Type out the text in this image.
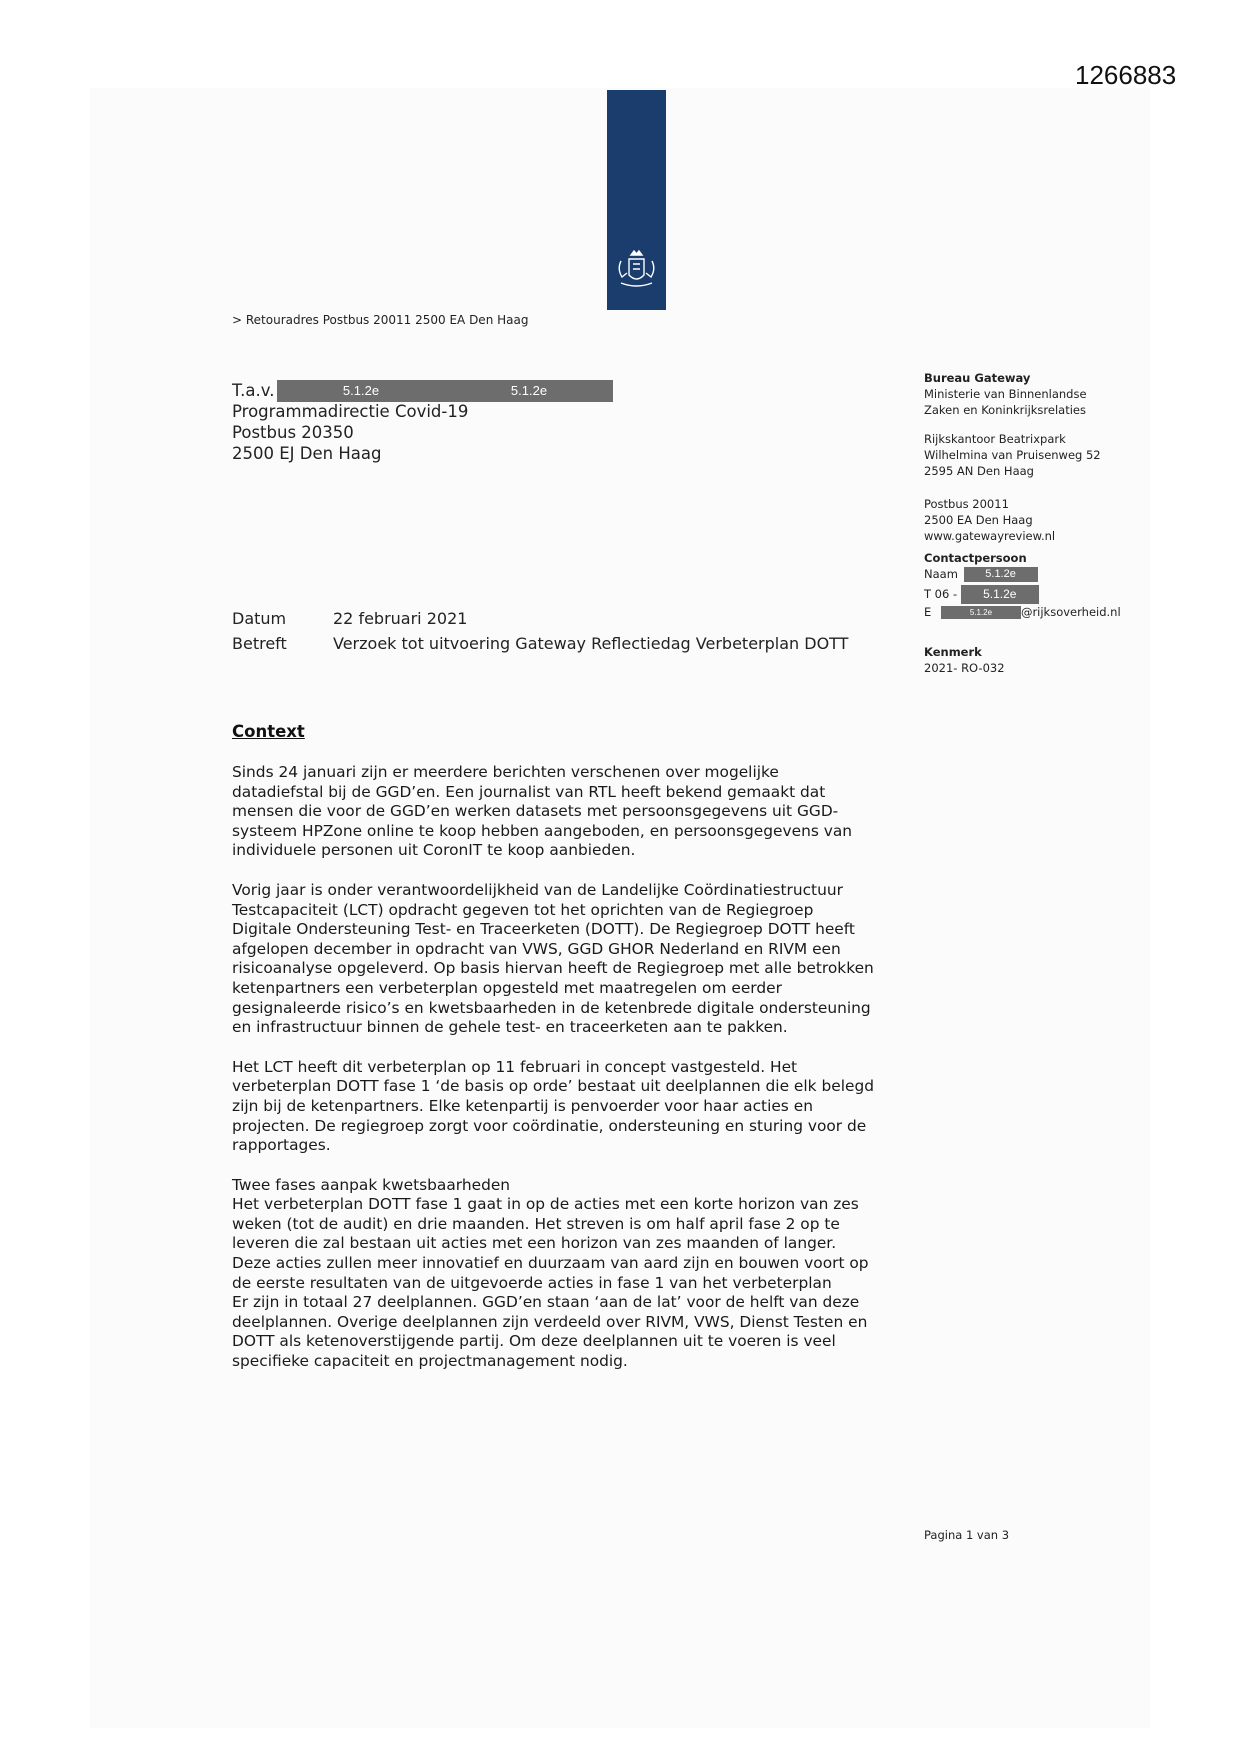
1266883
> Retouradres Postbus 20011 2500 EA Den Haag
T.a.v.
Programmadirectie Covid-19
Postbus 20350
2500 EJ Den Haag
5.1.2e	5.1.2e
Bureau Gateway
Ministerie van Binnenlandse
Zaken en Koninkrijksrelaties
Rijkskantoor Beatrixpark
Wilhelmina van Pruisenweg 52
2595 AN Den Haag
Postbus 20011
2500 EA Den Haag
www.gatewayreview.nl
Contactpersoon
Naam 5.1.2e
T 06 - 5.1.2e
E	5.1.2e	@rijksoverheid.nl
Kenmerk
2021- RO-032
Datum	22 februari 2021
Betreft	Verzoek tot uitvoering Gateway Reflectiedag Verbeterplan DOTT
Context

Sinds 24 januari zijn er meerdere berichten verschenen over mogelijke
datadiefstal bij de GGD’en. Een journalist van RTL heeft bekend gemaakt dat
mensen die voor de GGD’en werken datasets met persoonsgegevens uit GGD-
systeem HPZone online te koop hebben aangeboden, en persoonsgegevens van
individuele personen uit CoronIT te koop aanbieden.

Vorig jaar is onder verantwoordelijkheid van de Landelijke Coördinatiestructuur
Testcapaciteit (LCT) opdracht gegeven tot het oprichten van de Regiegroep
Digitale Ondersteuning Test- en Traceerketen (DOTT). De Regiegroep DOTT heeft
afgelopen december in opdracht van VWS, GGD GHOR Nederland en RIVM een
risicoanalyse opgeleverd. Op basis hiervan heeft de Regiegroep met alle betrokken
ketenpartners een verbeterplan opgesteld met maatregelen om eerder
gesignaleerde risico’s en kwetsbaarheden in de ketenbrede digitale ondersteuning
en infrastructuur binnen de gehele test- en traceerketen aan te pakken.

Het LCT heeft dit verbeterplan op 11 februari in concept vastgesteld. Het
verbeterplan DOTT fase 1 ‘de basis op orde’ bestaat uit deelplannen die elk belegd
zijn bij de ketenpartners. Elke ketenpartij is penvoerder voor haar acties en
projecten. De regiegroep zorgt voor coördinatie, ondersteuning en sturing voor de
rapportages.

Twee fases aanpak kwetsbaarheden
Het verbeterplan DOTT fase 1 gaat in op de acties met een korte horizon van zes
weken (tot de audit) en drie maanden. Het streven is om half april fase 2 op te
leveren die zal bestaan uit acties met een horizon van zes maanden of langer.
Deze acties zullen meer innovatief en duurzaam van aard zijn en bouwen voort op
de eerste resultaten van de uitgevoerde acties in fase 1 van het verbeterplan
Er zijn in totaal 27 deelplannen. GGD’en staan ‘aan de lat’ voor de helft van deze
deelplannen. Overige deelplannen zijn verdeeld over RIVM, VWS, Dienst Testen en
DOTT als ketenoverstijgende partij. Om deze deelplannen uit te voeren is veel
specifieke capaciteit en projectmanagement nodig.

Pagina 1 van 3
